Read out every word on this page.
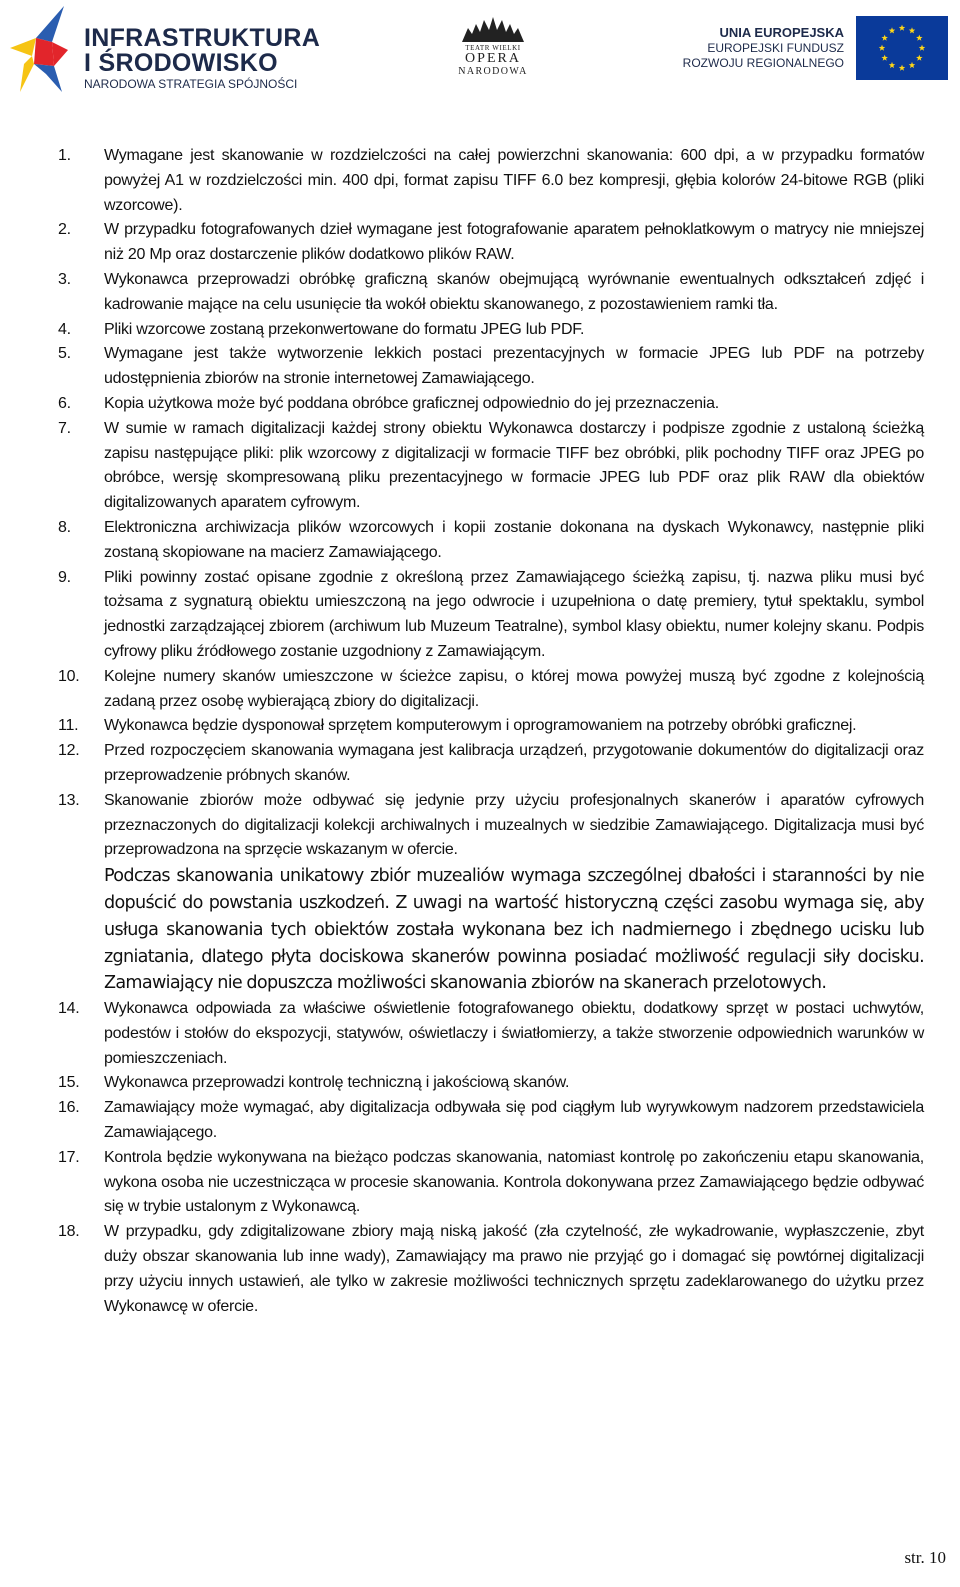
INFRASTRUKTURA
I ŚRODOWISKO
NARODOWA STRATEGIA SPÓJNOŚCI
TEATR WIELKI
OPERA
NARODOWA
UNIA EUROPEJSKA
EUROPEJSKI FUNDUSZ
ROZWOJU REGIONALNEGO
1.	Wymagane jest skanowanie w rozdzielczości na całej powierzchni skanowania: 600 dpi, a w przypadku formatów powyżej A1 w rozdzielczości min. 400 dpi, format zapisu TIFF 6.0 bez kompresji, głębia kolorów 24-bitowe RGB (pliki wzorcowe).
2.	W przypadku fotografowanych dzieł wymagane jest fotografowanie aparatem pełnoklatkowym o matrycy nie mniejszej niż 20 Mp oraz dostarczenie plików dodatkowo plików RAW.
3.	Wykonawca przeprowadzi obróbkę graficzną skanów obejmującą wyrównanie ewentualnych odkształceń zdjęć i kadrowanie mające na celu usunięcie tła wokół obiektu skanowanego, z pozostawieniem ramki tła.
4.	Pliki wzorcowe zostaną przekonwertowane do formatu JPEG lub PDF.
5.	Wymagane jest także wytworzenie lekkich postaci prezentacyjnych w formacie JPEG lub PDF na potrzeby udostępnienia zbiorów na stronie internetowej Zamawiającego.
6.	Kopia użytkowa może być poddana obróbce graficznej odpowiednio do jej przeznaczenia.
7.	W sumie w ramach digitalizacji każdej strony obiektu Wykonawca dostarczy i podpisze zgodnie z ustaloną ścieżką zapisu następujące pliki: plik wzorcowy z digitalizacji w formacie TIFF bez obróbki, plik pochodny TIFF oraz JPEG po obróbce, wersję skompresowaną pliku prezentacyjnego w formacie JPEG lub PDF oraz plik RAW dla obiektów digitalizowanych aparatem cyfrowym.
8.	Elektroniczna archiwizacja plików wzorcowych i kopii zostanie dokonana na dyskach Wykonawcy, następnie pliki zostaną skopiowane na macierz Zamawiającego.
9.	Pliki powinny zostać opisane zgodnie z określoną przez Zamawiającego ścieżką zapisu, tj. nazwa pliku musi być tożsama z sygnaturą obiektu umieszczoną na jego odwrocie i uzupełniona o datę premiery, tytuł spektaklu, symbol jednostki zarządzającej zbiorem (archiwum lub Muzeum Teatralne), symbol klasy obiektu, numer kolejny skanu. Podpis cyfrowy pliku źródłowego zostanie uzgodniony z Zamawiającym.
10.	Kolejne numery skanów umieszczone w ścieżce zapisu, o której mowa powyżej muszą być zgodne z kolejnością zadaną przez osobę wybierającą zbiory do digitalizacji.
11.	Wykonawca będzie dysponował sprzętem komputerowym i oprogramowaniem na potrzeby obróbki graficznej.
12.	Przed rozpoczęciem skanowania wymagana jest kalibracja urządzeń, przygotowanie dokumentów do digitalizacji oraz przeprowadzenie próbnych skanów.
13.	Skanowanie zbiorów może odbywać się jedynie przy użyciu profesjonalnych skanerów i aparatów cyfrowych przeznaczonych do digitalizacji kolekcji archiwalnych i muzealnych w siedzibie Zamawiającego. Digitalizacja musi być przeprowadzona na sprzęcie wskazanym w ofercie.

Podczas skanowania unikatowy zbiór muzealiów wymaga szczególnej dbałości i staranności by nie dopuścić do powstania uszkodzeń. Z uwagi na wartość historyczną części zasobu wymaga się, aby usługa skanowania tych obiektów została wykonana bez ich nadmiernego i zbędnego ucisku lub zgniatania, dlatego płyta dociskowa skanerów powinna posiadać możliwość regulacji siły docisku. Zamawiający nie dopuszcza możliwości skanowania zbiorów na skanerach przelotowych.

14.	Wykonawca odpowiada za właściwe oświetlenie fotografowanego obiektu, dodatkowy sprzęt w postaci uchwytów, podestów i stołów do ekspozycji, statywów, oświetlaczy i światłomierzy, a także stworzenie odpowiednich warunków w pomieszczeniach.
15.	Wykonawca przeprowadzi kontrolę techniczną i jakościową skanów.
16.	Zamawiający może wymagać, aby digitalizacja odbywała się pod ciągłym lub wyrywkowym nadzorem przedstawiciela Zamawiającego.
17.	Kontrola będzie wykonywana na bieżąco podczas skanowania, natomiast kontrolę po zakończeniu etapu skanowania, wykona osoba nie uczestnicząca w procesie skanowania. Kontrola dokonywana przez Zamawiającego będzie odbywać się w trybie ustalonym z Wykonawcą.
18.	W przypadku, gdy zdigitalizowane zbiory mają niską jakość (zła czytelność, złe wykadrowanie, wypłaszczenie, zbyt duży obszar skanowania lub inne wady), Zamawiający ma prawo nie przyjąć go i domagać się powtórnej digitalizacji przy użyciu innych ustawień, ale tylko w zakresie możliwości technicznych sprzętu zadeklarowanego do użytku przez Wykonawcę w ofercie.
str. 10
